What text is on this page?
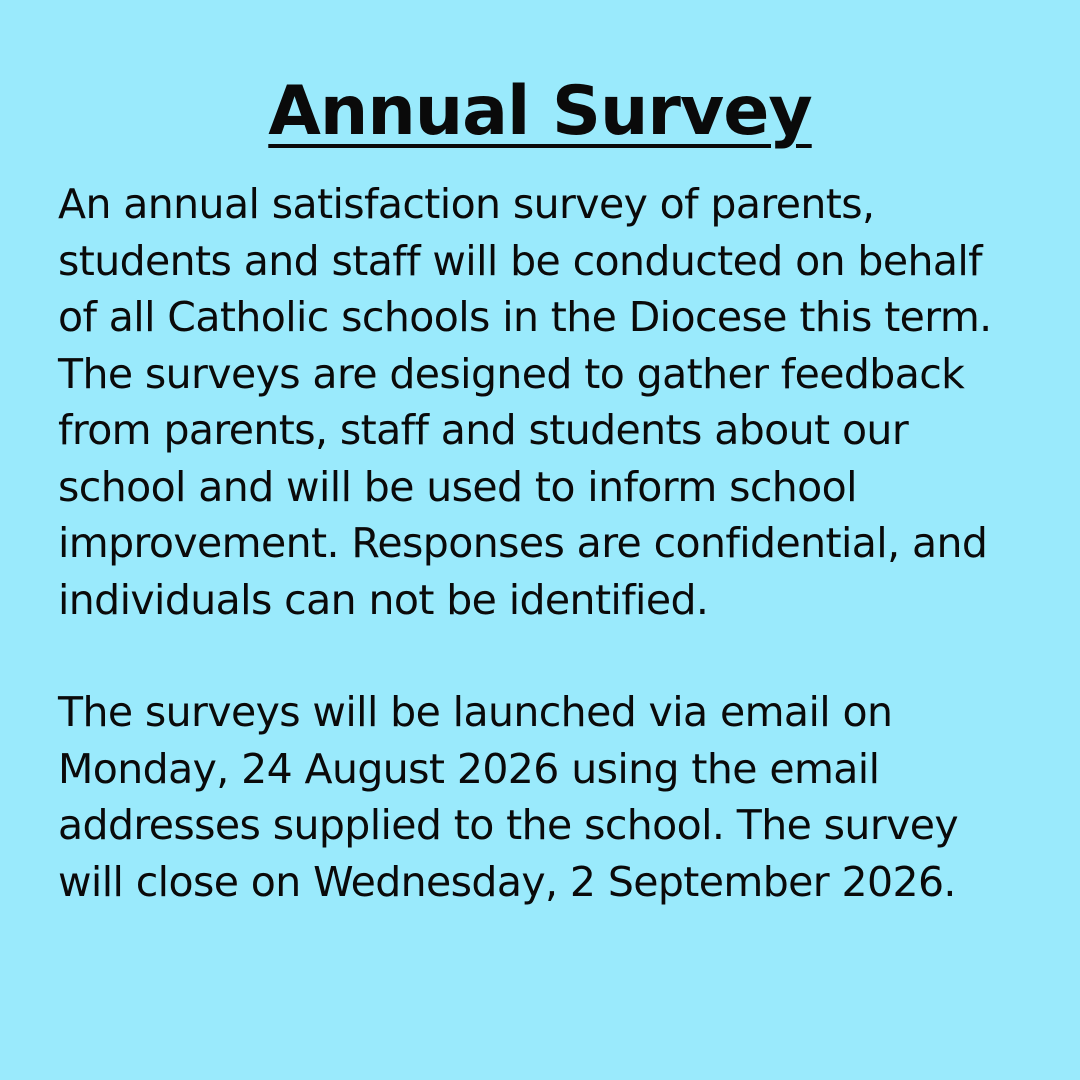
Annual Survey

An annual satisfaction survey of parents, students and staff will be conducted on behalf of all Catholic schools in the Diocese this term. The surveys are designed to gather feedback from parents, staff and students about our school and will be used to inform school improvement. Responses are confidential, and individuals can not be identified.

The surveys will be launched via email on Monday, 24 August 2026 using the email addresses supplied to the school. The survey will close on Wednesday, 2 September 2026.
